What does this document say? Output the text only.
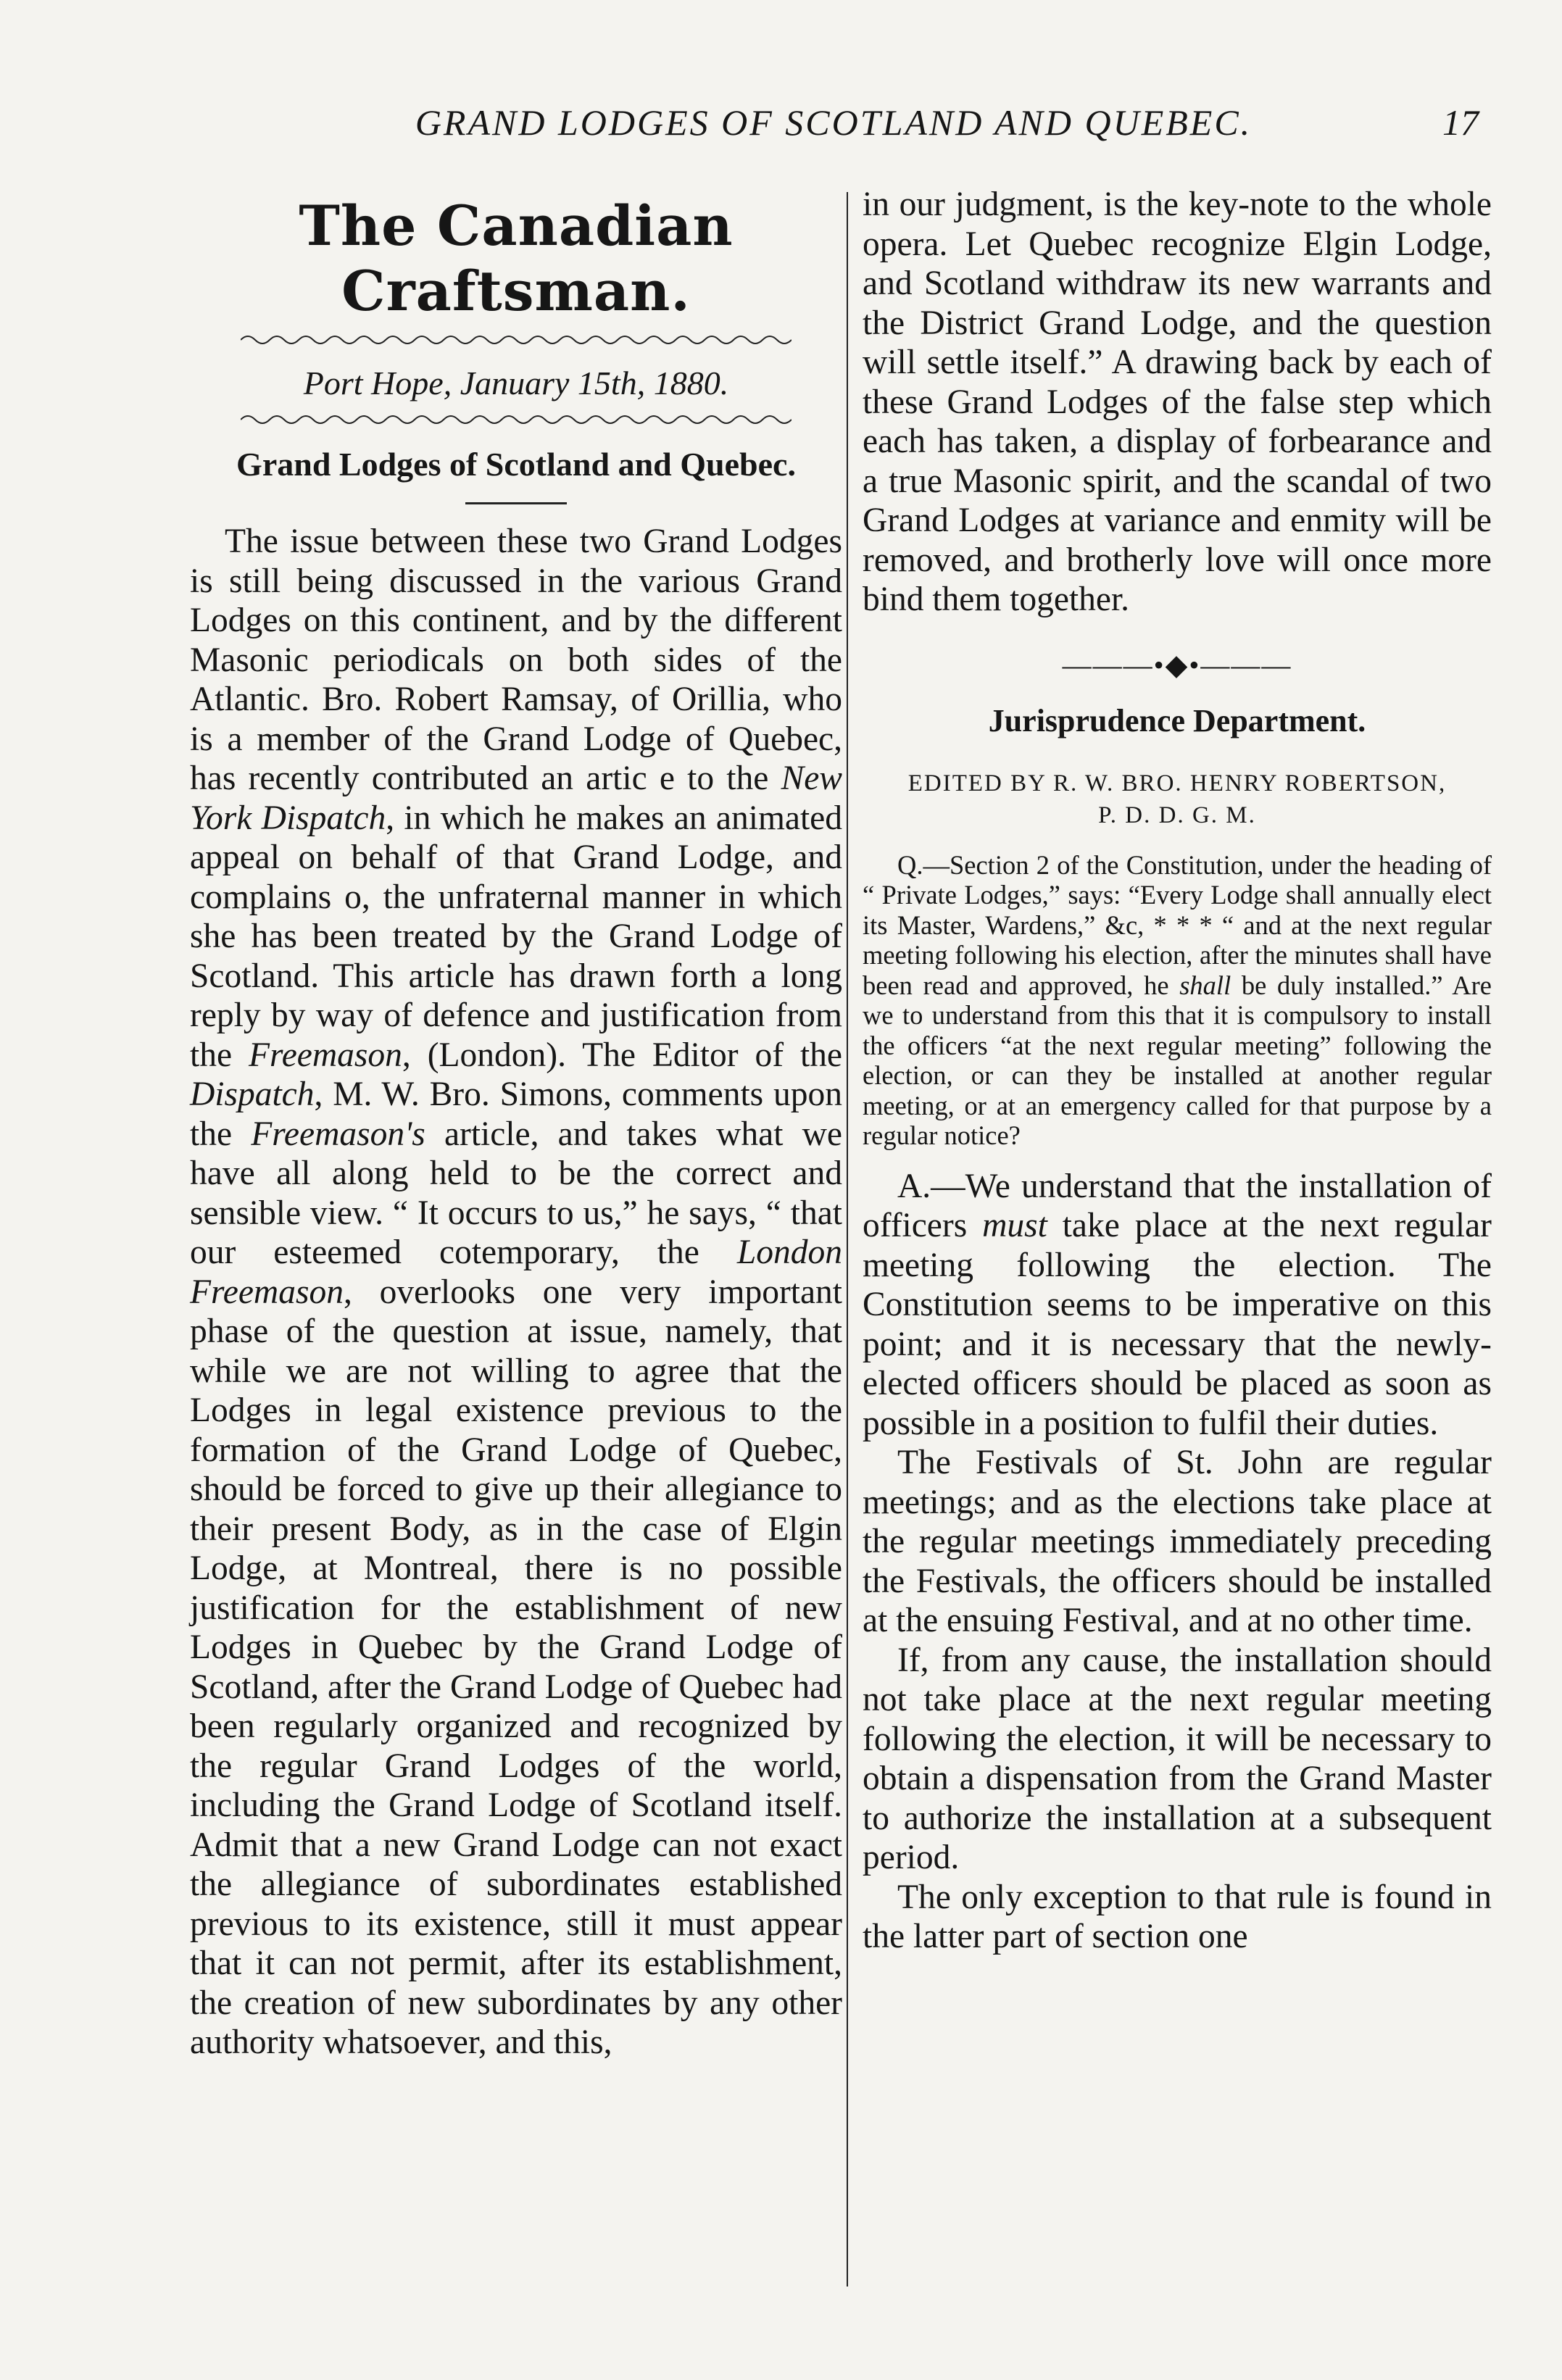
GRAND LODGES OF SCOTLAND AND QUEBEC.	17
The Canadian Craftsman.
Port Hope, January 15th, 1880.
Grand Lodges of Scotland and Quebec.

The issue between these two Grand Lodges is still being discussed in the various Grand Lodges on this continent, and by the different Masonic periodicals on both sides of the Atlantic. Bro. Robert Ramsay, of Orillia, who is a member of the Grand Lodge of Quebec, has recently contributed an artic e to the New York Dispatch, in which he makes an animated appeal on behalf of that Grand Lodge, and complains o, the unfraternal manner in which she has been treated by the Grand Lodge of Scotland. This article has drawn forth a long reply by way of defence and justification from the Freemason, (London). The Editor of the Dispatch, M. W. Bro. Simons, comments upon the Freemason's article, and takes what we have all along held to be the correct and sensible view. “ It occurs to us,” he says, “ that our esteemed cotemporary, the London Freemason, overlooks one very important phase of the question at issue, namely, that while we are not willing to agree that the Lodges in legal existence previous to the formation of the Grand Lodge of Quebec, should be forced to give up their allegiance to their present Body, as in the case of Elgin Lodge, at Montreal, there is no possible justification for the establishment of new Lodges in Quebec by the Grand Lodge of Scotland, after the Grand Lodge of Quebec had been regularly organized and recognized by the regular Grand Lodges of the world, including the Grand Lodge of Scotland itself. Admit that a new Grand Lodge can not exact the allegiance of subordinates established previous to its existence, still it must appear that it can not permit, after its establishment, the creation of new subordinates by any other authority whatsoever, and this,

in our judgment, is the key-note to the whole opera. Let Quebec recognize Elgin Lodge, and Scotland withdraw its new warrants and the District Grand Lodge, and the question will settle itself.” A drawing back by each of these Grand Lodges of the false step which each has taken, a display of forbearance and a true Masonic spirit, and the scandal of two Grand Lodges at variance and enmity will be removed, and brotherly love will once more bind them together.

———•◆•———
Jurisprudence Department.
EDITED BY R. W. BRO. HENRY ROBERTSON,
P. D. D. G. M.

Q.—Section 2 of the Constitution, under the heading of “ Private Lodges,” says: “Every Lodge shall annually elect its Master, Wardens,” &c, * * * “ and at the next regular meeting following his election, after the minutes shall have been read and approved, he shall be duly installed.” Are we to understand from this that it is compulsory to install the officers “at the next regular meeting” following the election, or can they be installed at another regular meeting, or at an emergency called for that purpose by a regular notice?

A.—We understand that the installation of officers must take place at the next regular meeting following the election. The Constitution seems to be imperative on this point; and it is necessary that the newly-elected officers should be placed as soon as possible in a position to fulfil their duties.

The Festivals of St. John are regular meetings; and as the elections take place at the regular meetings immediately preceding the Festivals, the officers should be installed at the ensuing Festival, and at no other time.

If, from any cause, the installation should not take place at the next regular meeting following the election, it will be necessary to obtain a dispensation from the Grand Master to authorize the installation at a subsequent period.

The only exception to that rule is found in the latter part of section one
